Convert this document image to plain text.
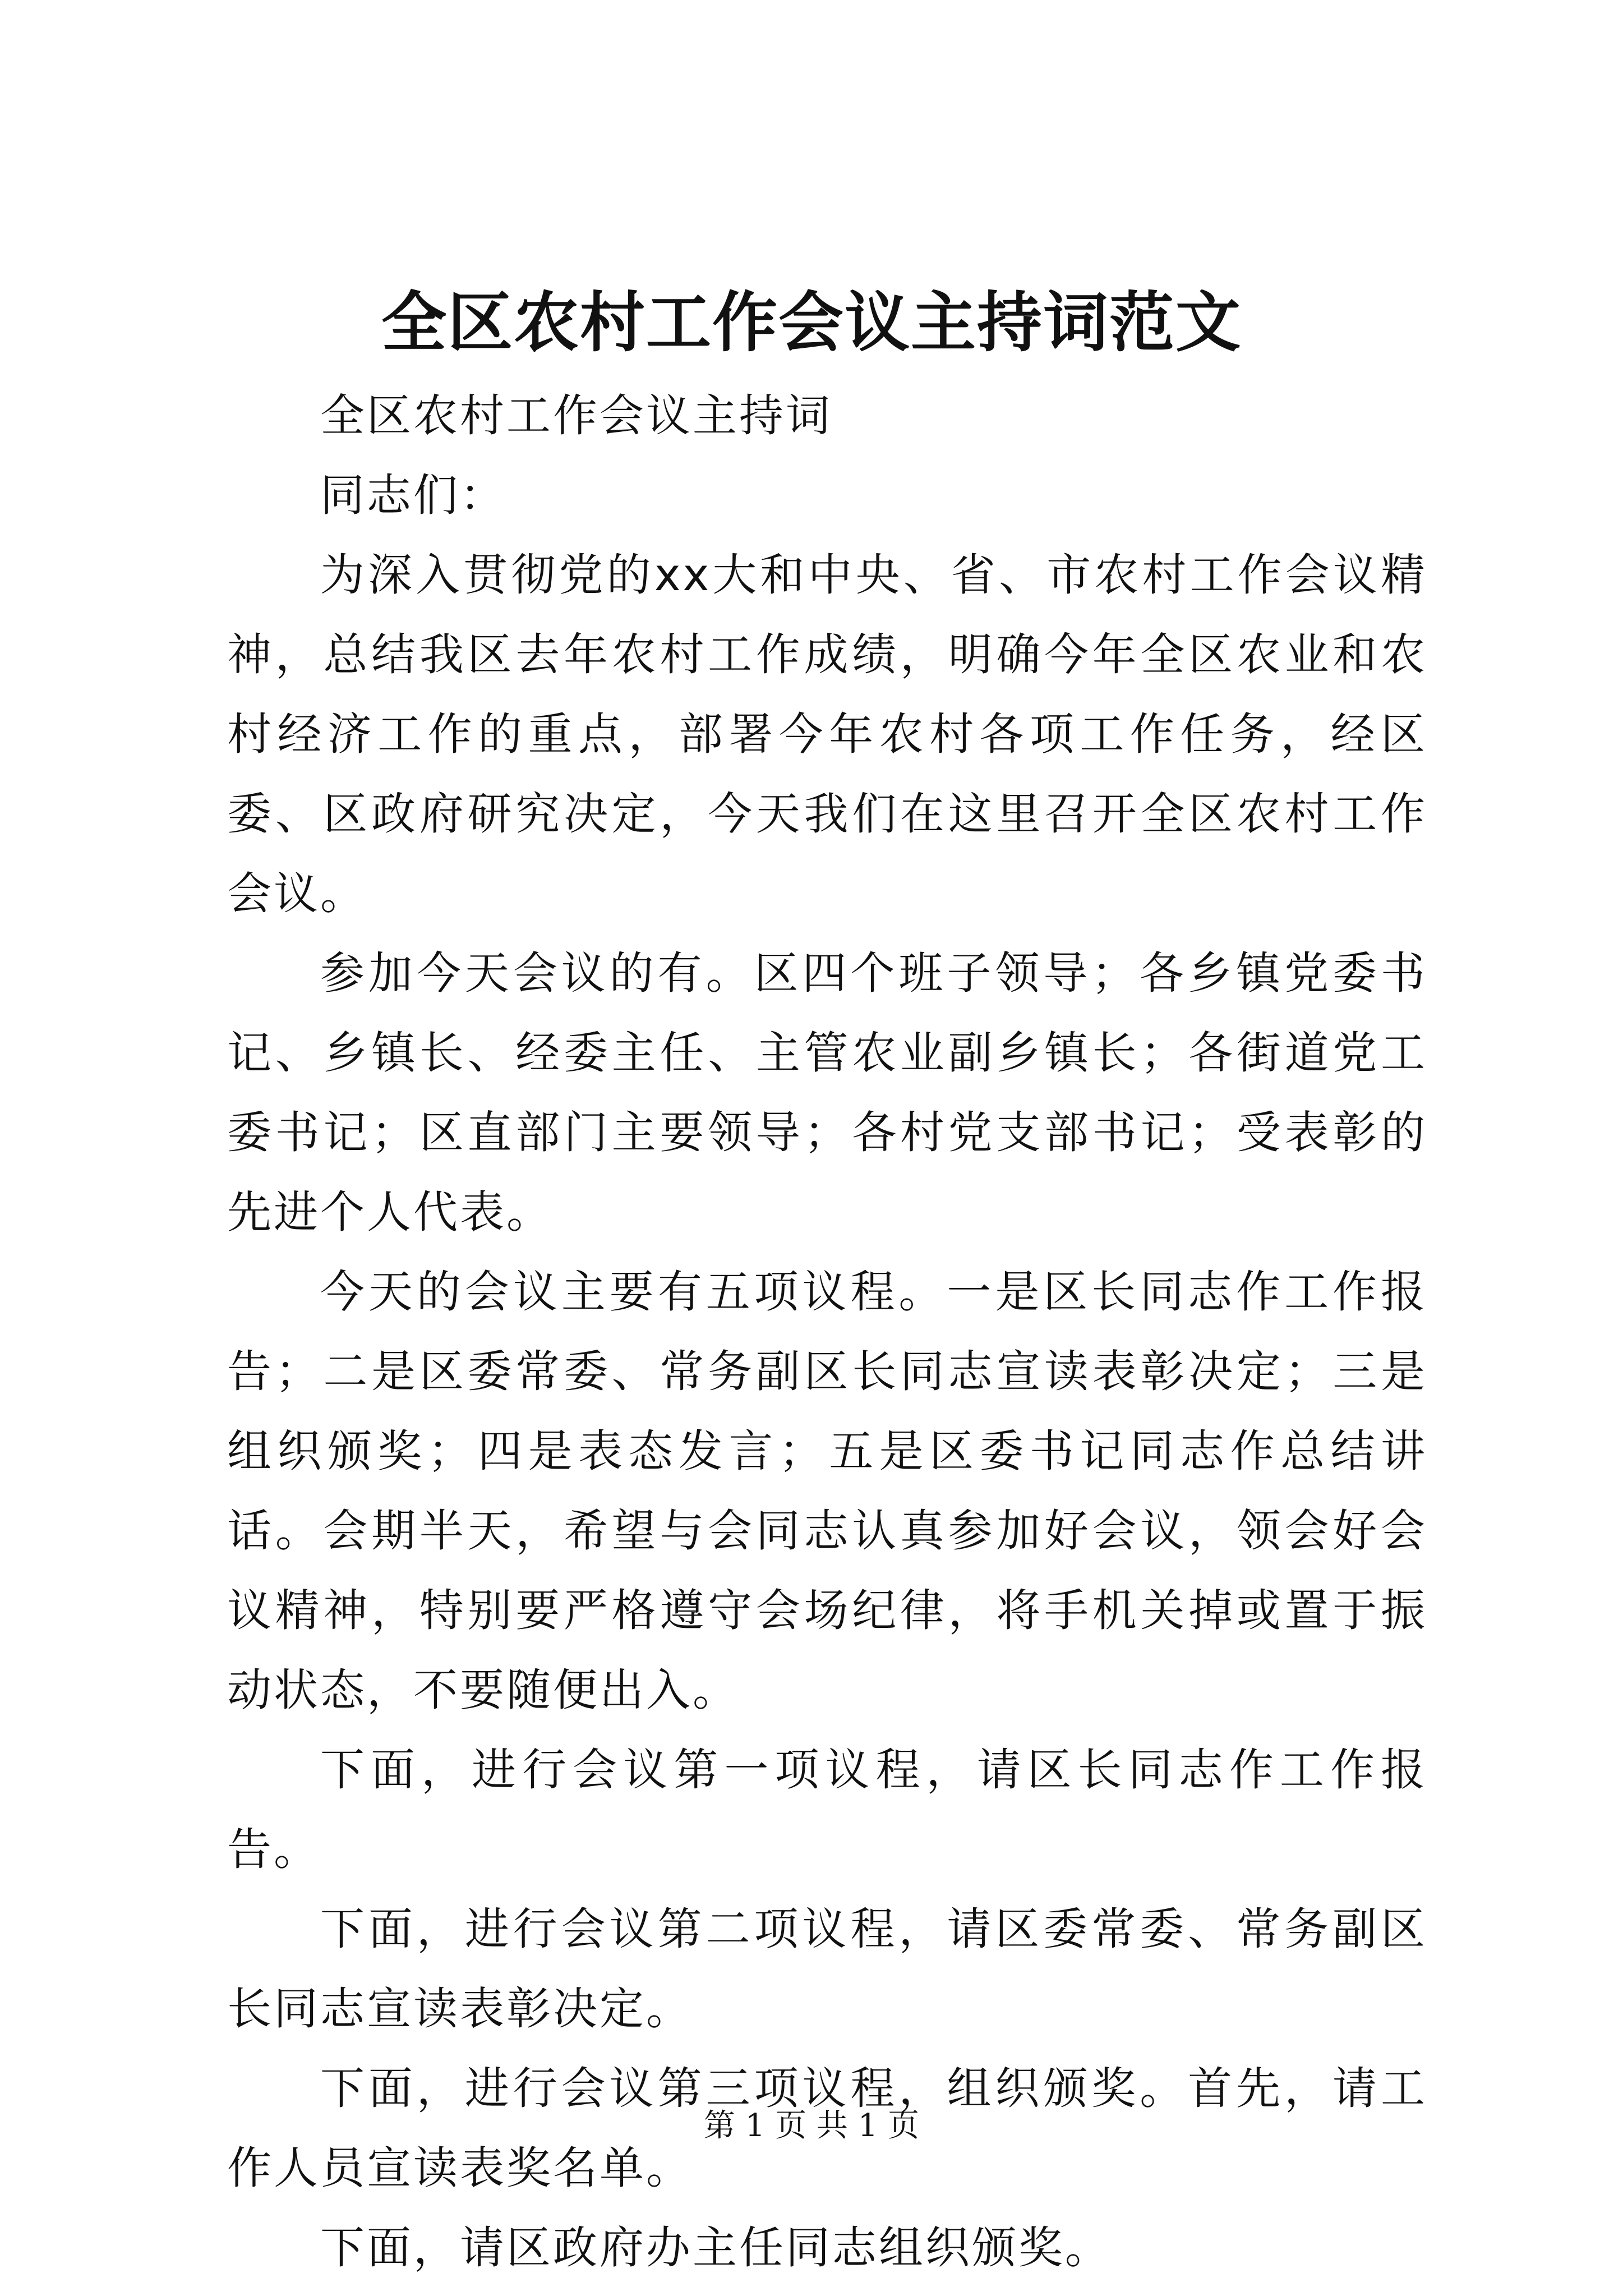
全区农村工作会议主持词范文

全区农村工作会议主持词

同志们：

为深入贯彻党的xx大和中央、省、市农村工作会议精神，总结我区去年农村工作成绩，明确今年全区农业和农村经济工作的重点，部署今年农村各项工作任务，经区委、区政府研究决定，今天我们在这里召开全区农村工作会议。

参加今天会议的有。区四个班子领导；各乡镇党委书记、乡镇长、经委主任、主管农业副乡镇长；各街道党工委书记；区直部门主要领导；各村党支部书记；受表彰的先进个人代表。

今天的会议主要有五项议程。一是区长同志作工作报告；二是区委常委、常务副区长同志宣读表彰决定；三是组织颁奖；四是表态发言；五是区委书记同志作总结讲话。会期半天，希望与会同志认真参加好会议，领会好会议精神，特别要严格遵守会场纪律，将手机关掉或置于振动状态，不要随便出入。

下面，进行会议第一项议程，请区长同志作工作报告。

下面，进行会议第二项议程，请区委常委、常务副区长同志宣读表彰决定。

下面，进行会议第三项议程，组织颁奖。首先，请工作人员宣读表奖名单。

下面，请区政府办主任同志组织颁奖。

第 1 页 共 1 页
